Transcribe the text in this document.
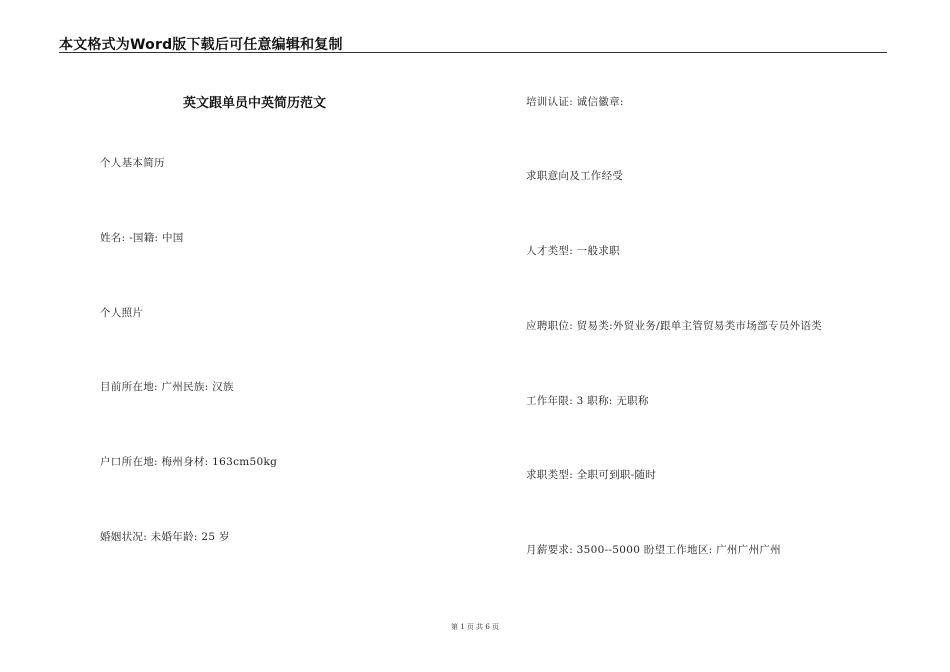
本文格式为Word版下载后可任意编辑和复制
英文跟单员中英简历范文
个人基本简历
姓名: -国籍: 中国
个人照片
目前所在地: 广州民族: 汉族
户口所在地: 梅州身材: 163cm50kg
婚姻状况: 未婚年龄: 25 岁
培训认证: 诚信徽章:
求职意向及工作经受
人才类型: 一般求职
应聘职位: 贸易类:外贸业务/跟单主管贸易类市场部专员外语类
工作年限: 3 职称: 无职称
求职类型: 全职可到职-随时
月薪要求: 3500--5000 盼望工作地区: 广州广州广州
第 1 页 共 6 页
